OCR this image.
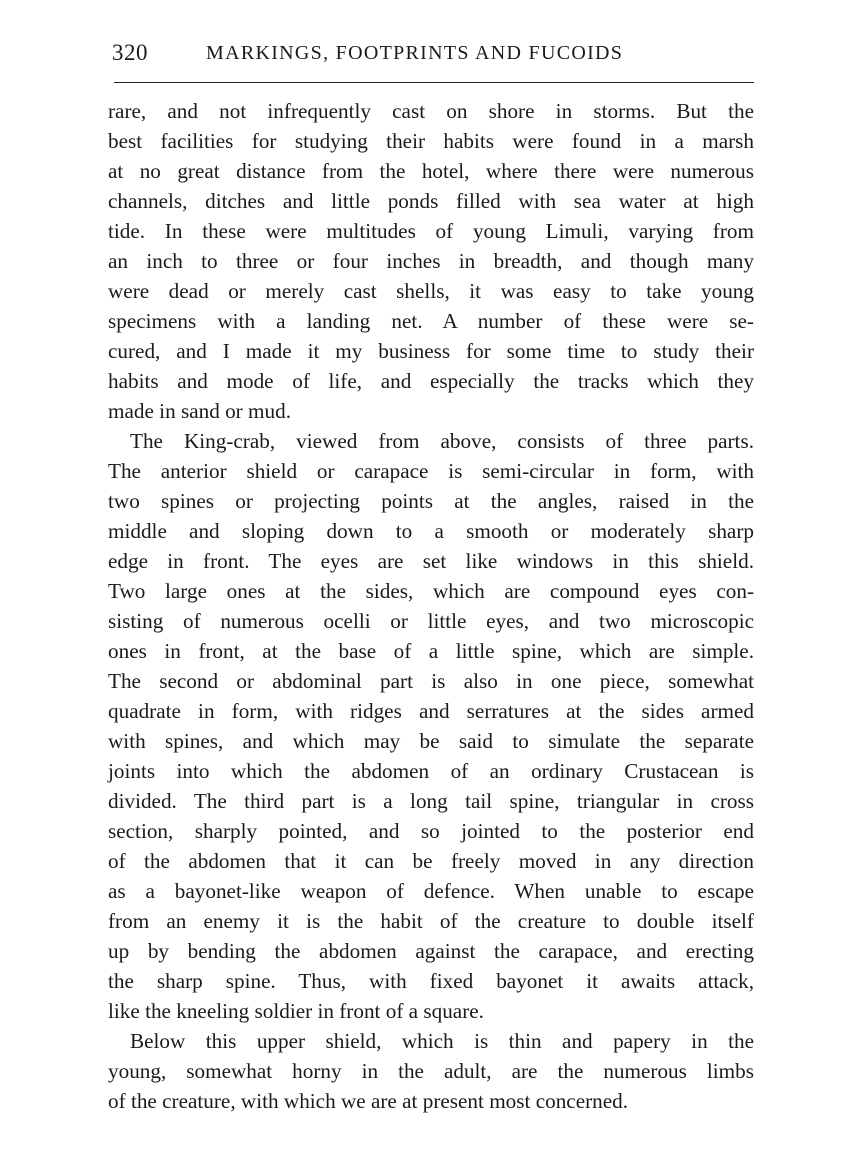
320	MARKINGS, FOOTPRINTS AND FUCOIDS
rare, and not infrequently cast on shore in storms. But the
best facilities for studying their habits were found in a marsh
at no great distance from the hotel, where there were numerous
channels, ditches and little ponds filled with sea water at high
tide. In these were multitudes of young Limuli, varying from
an inch to three or four inches in breadth, and though many
were dead or merely cast shells, it was easy to take young
specimens with a landing net. A number of these were se-
cured, and I made it my business for some time to study their
habits and mode of life, and especially the tracks which they
made in sand or mud.
The King-crab, viewed from above, consists of three parts.
The anterior shield or carapace is semi-circular in form, with
two spines or projecting points at the angles, raised in the
middle and sloping down to a smooth or moderately sharp
edge in front. The eyes are set like windows in this shield.
Two large ones at the sides, which are compound eyes con-
sisting of numerous ocelli or little eyes, and two microscopic
ones in front, at the base of a little spine, which are simple.
The second or abdominal part is also in one piece, somewhat
quadrate in form, with ridges and serratures at the sides armed
with spines, and which may be said to simulate the separate
joints into which the abdomen of an ordinary Crustacean is
divided. The third part is a long tail spine, triangular in cross
section, sharply pointed, and so jointed to the posterior end
of the abdomen that it can be freely moved in any direction
as a bayonet-like weapon of defence. When unable to escape
from an enemy it is the habit of the creature to double itself
up by bending the abdomen against the carapace, and erecting
the sharp spine. Thus, with fixed bayonet it awaits attack,
like the kneeling soldier in front of a square.
Below this upper shield, which is thin and papery in the
young, somewhat horny in the adult, are the numerous limbs
of the creature, with which we are at present most concerned.
